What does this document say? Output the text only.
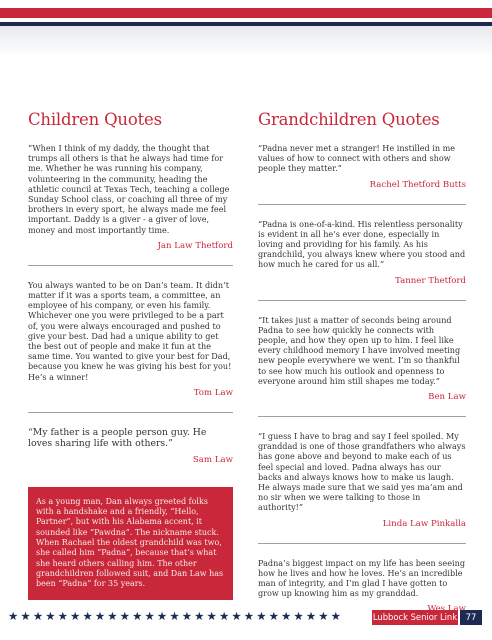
Children Quotes

“When I think of my daddy, the thought that trumps all others is that he always had time for me. Whether he was running his company, volunteering in the community, heading the athletic council at Texas Tech, teaching a college Sunday School class, or coaching all three of my brothers in every sport, he always made me feel important. Daddy is a giver - a giver of love, money and most importantly time.

Jan Law Thetford

You always wanted to be on Dan’s team. It didn’t matter if it was a sports team, a committee, an employee of his company, or even his family. Whichever one you were privileged to be a part of, you were always encouraged and pushed to give your best. Dad had a unique ability to get the best out of people and make it fun at the same time. You wanted to give your best for Dad, because you knew he was giving his best for you! He’s a winner!

Tom Law

“My father is a people person guy. He loves sharing life with others.”

Sam Law

As a young man, Dan always greeted folks with a handshake and a friendly, “Hello, Partner”, but with his Alabama accent, it sounded like “Pawdna”. The nickname stuck. When Rachael the oldest grandchild was two, she called him “Padna”, because that’s what she heard others calling him. The other grandchildren followed suit, and Dan Law has been “Padna” for 35 years.

Grandchildren Quotes

“Padna never met a stranger! He instilled in me values of how to connect with others and show people they matter.”

Rachel Thetford Butts

“Padna is one-of-a-kind. His relentless personality is evident in all he’s ever done, especially in loving and providing for his family. As his grandchild, you always knew where you stood and how much he cared for us all.”

Tanner Thetford

“It takes just a matter of seconds being around Padna to see how quickly he connects with people, and how they open up to him. I feel like every childhood memory I have involved meeting new people everywhere we went. I’m so thankful to see how much his outlook and openness to everyone around him still shapes me today.”

Ben Law

“I guess I have to brag and say I feel spoiled. My granddad is one of those grandfathers who always has gone above and beyond to make each of us feel special and loved. Padna always has our backs and always knows how to make us laugh. He always made sure that we said yes ma’am and no sir when we were talking to those in authority!”

Linda Law Pinkalla

Padna’s biggest impact on my life has been seeing how he lives and how he loves. He’s an incredible man of integrity, and I’m glad I have gotten to grow up knowing him as my granddad.

★★★★★★★★★★★★★★★★★★★★★★★★★★★	Lubbock Senior Link	77
